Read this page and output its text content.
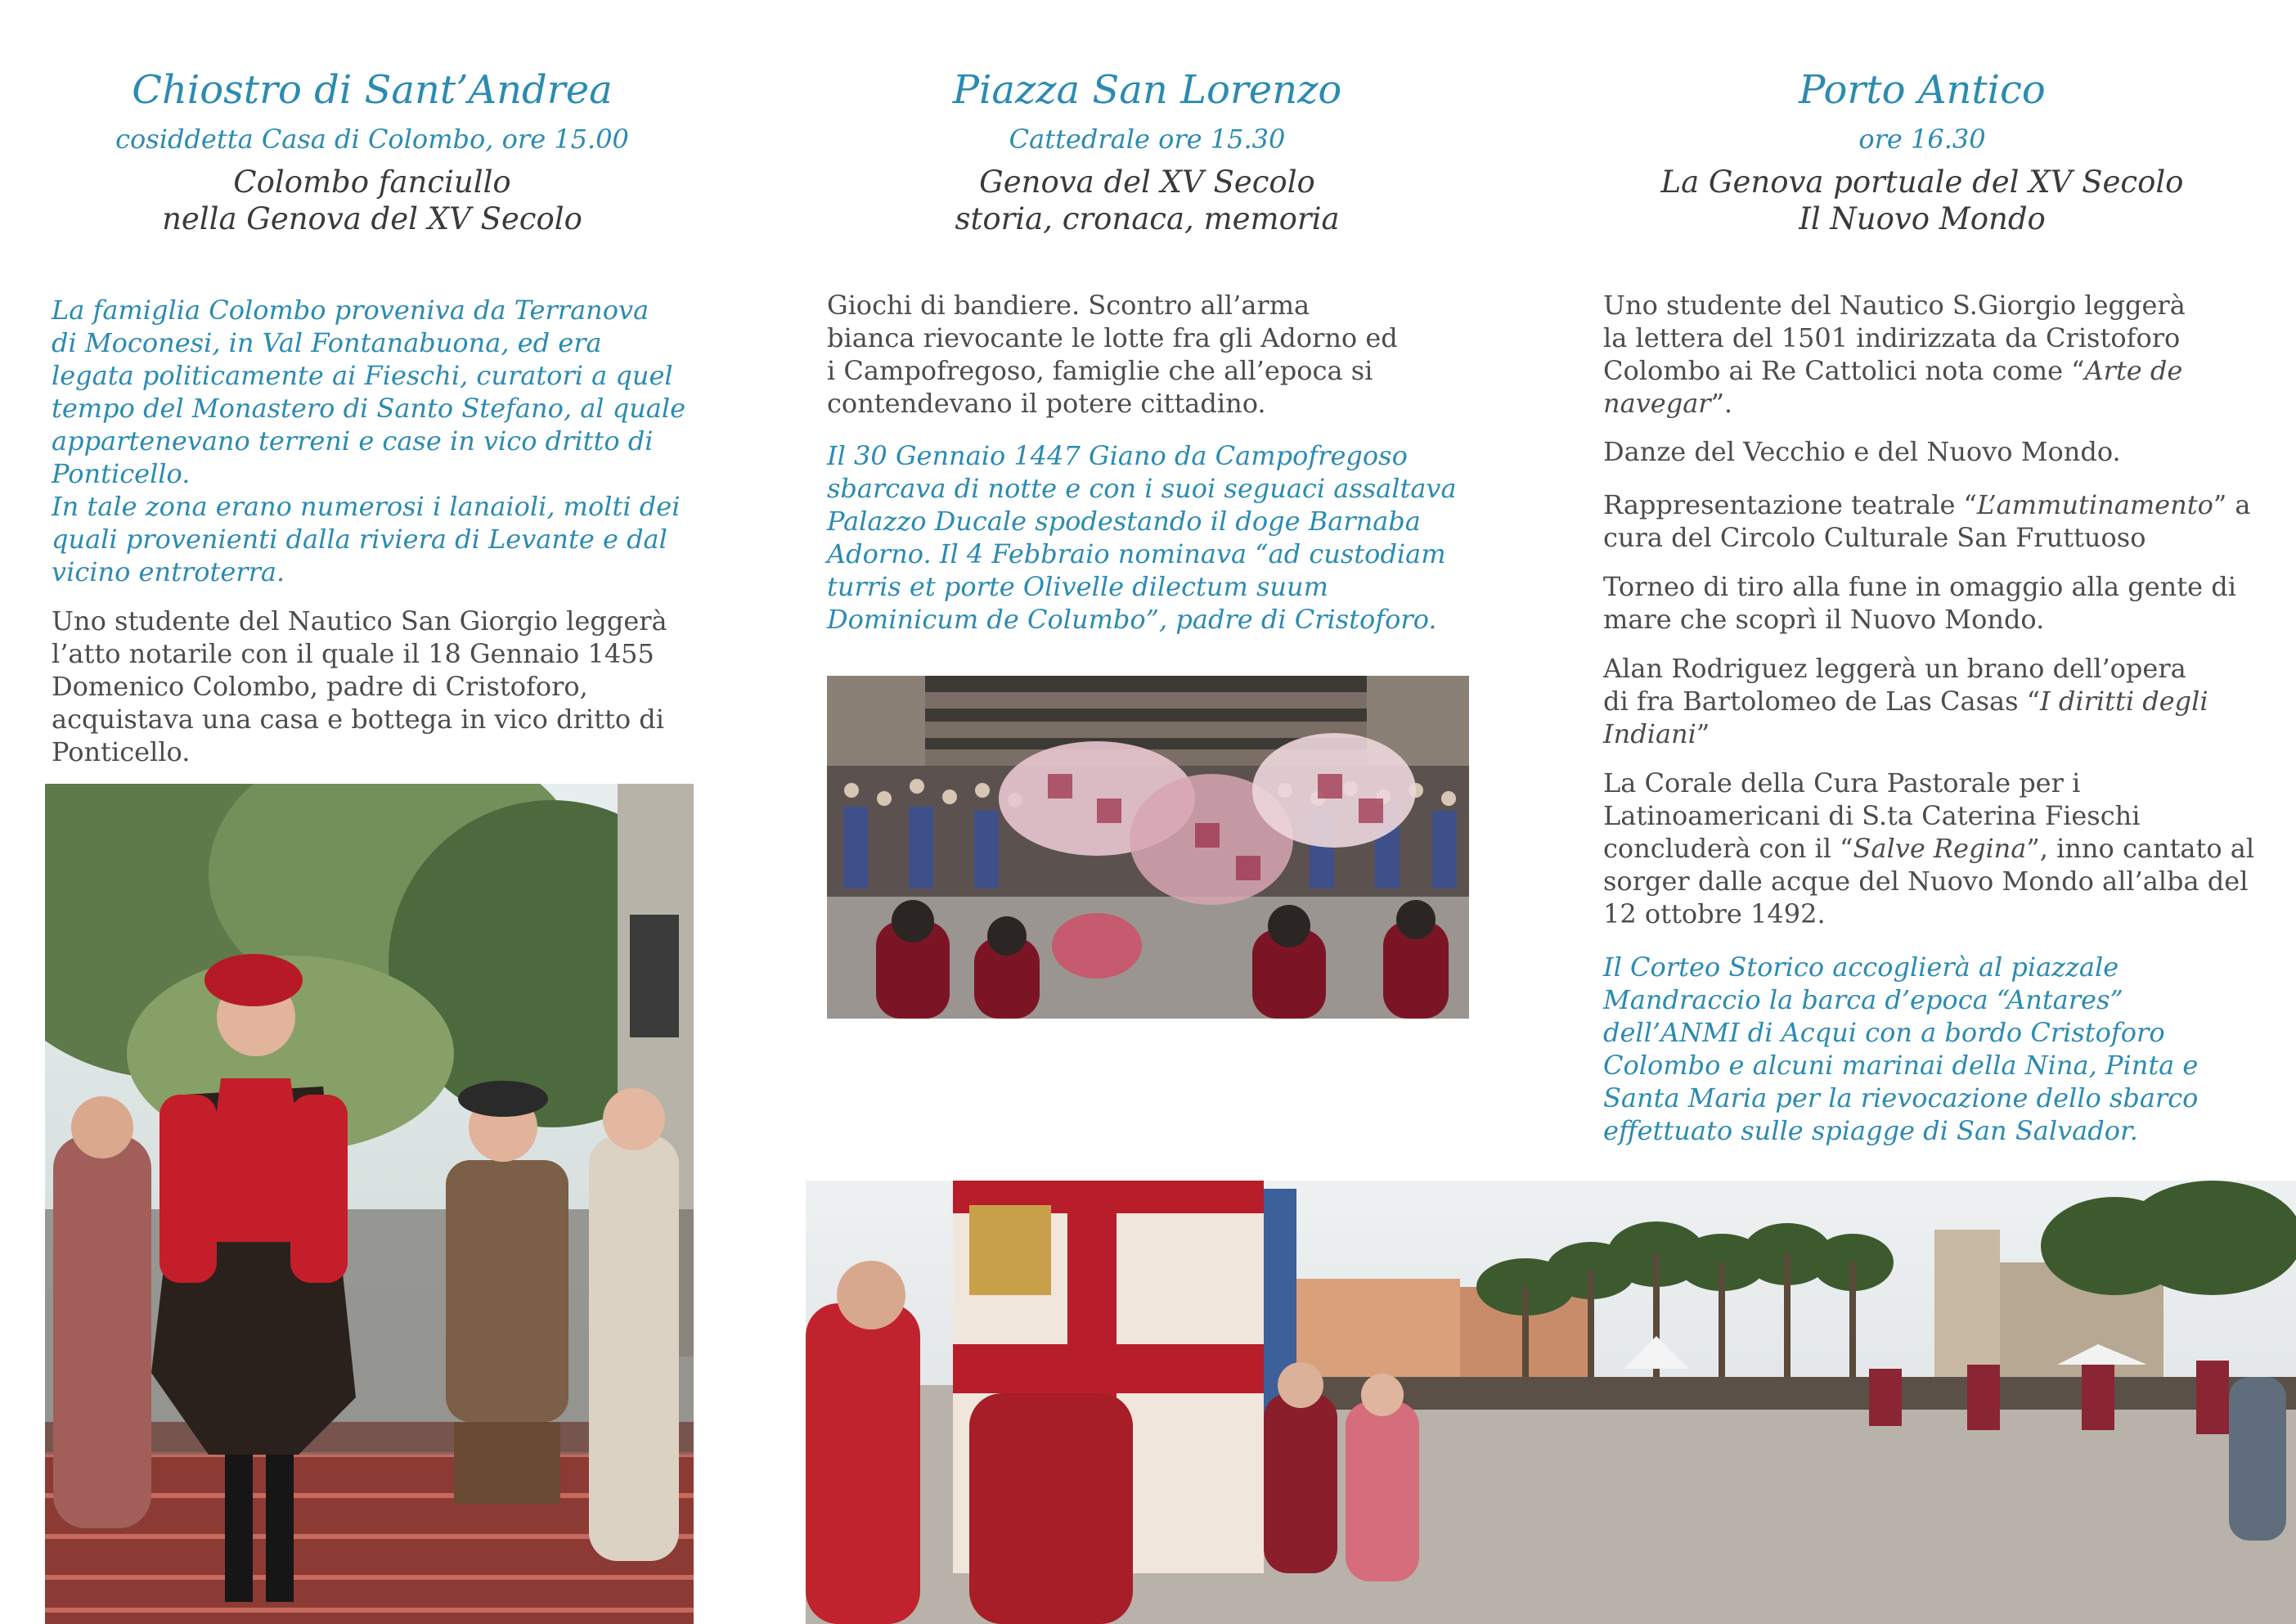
Chiostro di Sant’Andrea
cosiddetta Casa di Colombo, ore 15.00
Colombo fanciullo
nella Genova del XV Secolo
La famiglia Colombo proveniva da Terranova
di Moconesi, in Val Fontanabuona, ed era
legata politicamente ai Fieschi, curatori a quel
tempo del Monastero di Santo Stefano, al quale
appartenevano terreni e case in vico dritto di
Ponticello.
In tale zona erano numerosi i lanaioli, molti dei
quali provenienti dalla riviera di Levante e dal
vicino entroterra.
Uno studente del Nautico San Giorgio leggerà
l’atto notarile con il quale il 18 Gennaio 1455
Domenico Colombo, padre di Cristoforo,
acquistava una casa e bottega in vico dritto di
Ponticello.
Piazza San Lorenzo
Cattedrale ore 15.30
Genova del XV Secolo
storia, cronaca, memoria
Giochi di bandiere. Scontro all’arma
bianca rievocante le lotte fra gli Adorno ed
i Campofregoso, famiglie che all’epoca si
contendevano il potere cittadino.
Il 30 Gennaio 1447 Giano da Campofregoso
sbarcava di notte e con i suoi seguaci assaltava
Palazzo Ducale spodestando il doge Barnaba
Adorno. Il 4 Febbraio nominava “ad custodiam
turris et porte Olivelle dilectum suum
Dominicum de Columbo”, padre di Cristoforo.
Porto Antico
ore 16.30
La Genova portuale del XV Secolo
Il Nuovo Mondo
Uno studente del Nautico S.Giorgio leggerà
la lettera del 1501 indirizzata da Cristoforo
Colombo ai Re Cattolici nota come “Arte de
navegar”.
Danze del Vecchio e del Nuovo Mondo.
Rappresentazione teatrale “L’ammutinamento” a
cura del Circolo Culturale San Fruttuoso
Torneo di tiro alla fune in omaggio alla gente di
mare che scoprì il Nuovo Mondo.
Alan Rodriguez leggerà un brano dell’opera
di fra Bartolomeo de Las Casas “I diritti degli
Indiani”
La Corale della Cura Pastorale per i
Latinoamericani di S.ta Caterina Fieschi
concluderà con il “Salve Regina”, inno cantato al
sorger dalle acque del Nuovo Mondo all’alba del
12 ottobre 1492.
Il Corteo Storico accoglierà al piazzale
Mandraccio la barca d’epoca “Antares”
dell’ANMI di Acqui con a bordo Cristoforo
Colombo e alcuni marinai della Nina, Pinta e
Santa Maria per la rievocazione dello sbarco
effettuato sulle spiagge di San Salvador.
